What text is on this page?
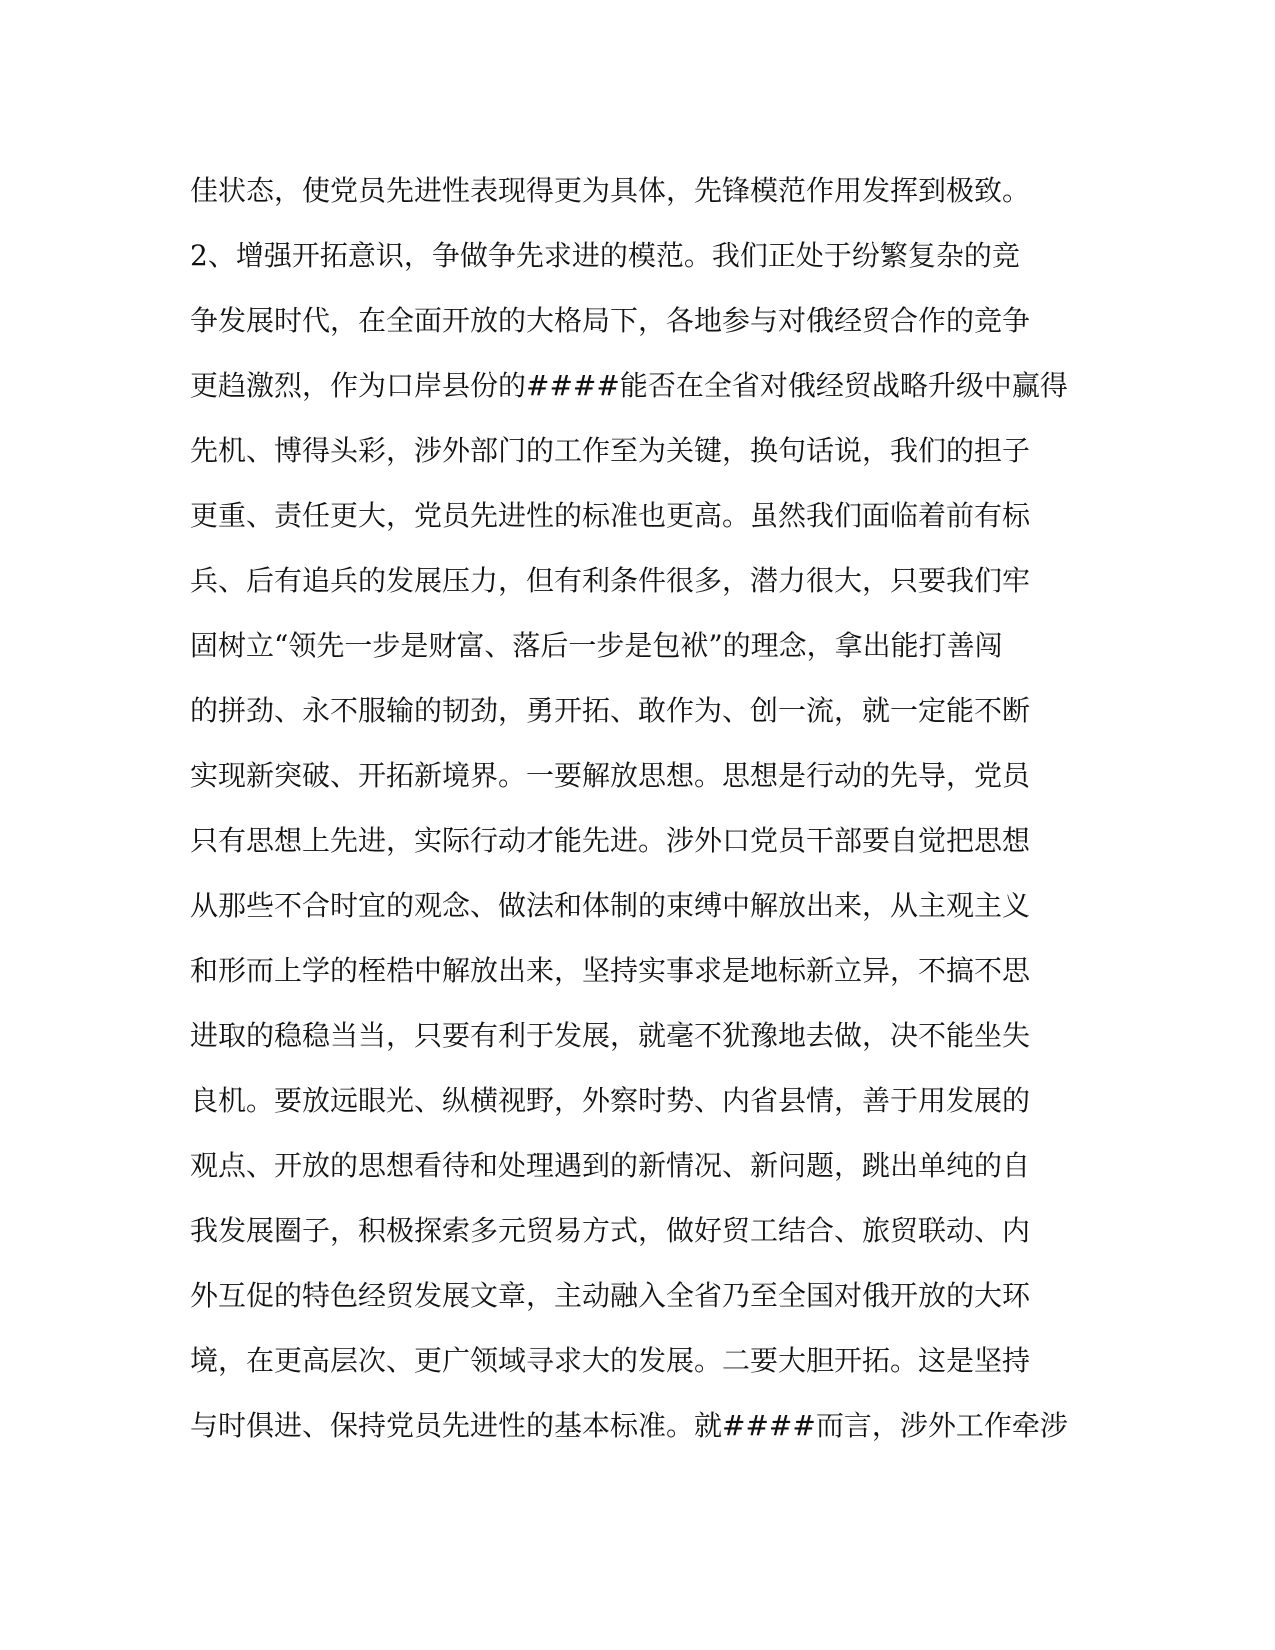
佳状态，使党员先进性表现得更为具体，先锋模范作用发挥到极致。
2、增强开拓意识，争做争先求进的模范。我们正处于纷繁复杂的竞
争发展时代，在全面开放的大格局下，各地参与对俄经贸合作的竞争
更趋激烈，作为口岸县份的####能否在全省对俄经贸战略升级中赢得
先机、博得头彩，涉外部门的工作至为关键，换句话说，我们的担子
更重、责任更大，党员先进性的标准也更高。虽然我们面临着前有标
兵、后有追兵的发展压力，但有利条件很多，潜力很大，只要我们牢
固树立“领先一步是财富、落后一步是包袱”的理念，拿出能打善闯
的拼劲、永不服输的韧劲，勇开拓、敢作为、创一流，就一定能不断
实现新突破、开拓新境界。一要解放思想。思想是行动的先导，党员
只有思想上先进，实际行动才能先进。涉外口党员干部要自觉把思想
从那些不合时宜的观念、做法和体制的束缚中解放出来，从主观主义
和形而上学的桎梏中解放出来，坚持实事求是地标新立异，不搞不思
进取的稳稳当当，只要有利于发展，就毫不犹豫地去做，决不能坐失
良机。要放远眼光、纵横视野，外察时势、内省县情，善于用发展的
观点、开放的思想看待和处理遇到的新情况、新问题，跳出单纯的自
我发展圈子，积极探索多元贸易方式，做好贸工结合、旅贸联动、内
外互促的特色经贸发展文章，主动融入全省乃至全国对俄开放的大环
境，在更高层次、更广领域寻求大的发展。二要大胆开拓。这是坚持
与时俱进、保持党员先进性的基本标准。就####而言，涉外工作牵涉
